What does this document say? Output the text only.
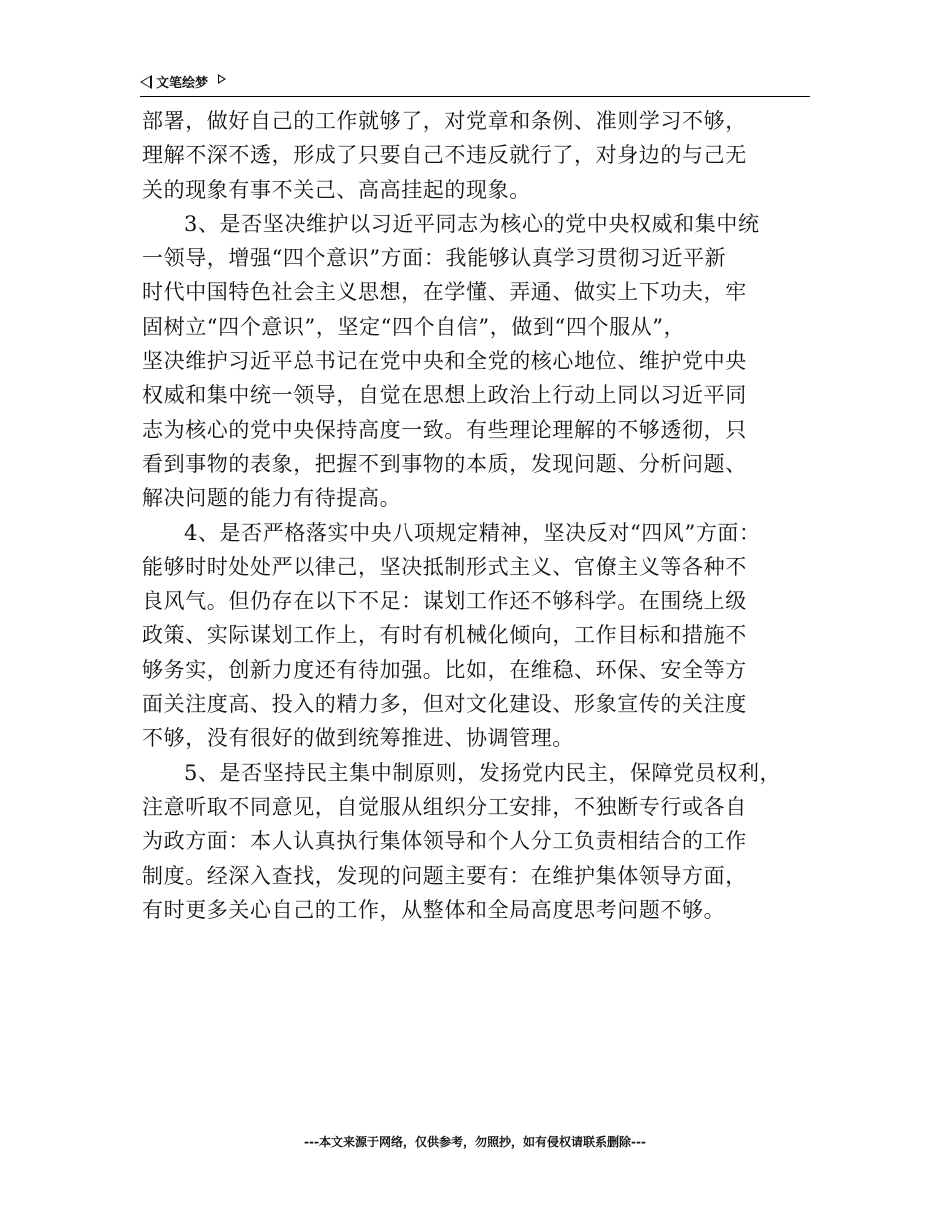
文笔绘梦
部署，做好自己的工作就够了，对党章和条例、准则学习不够，
理解不深不透，形成了只要自己不违反就行了，对身边的与己无
关的现象有事不关己、高高挂起的现象。
3、是否坚决维护以习近平同志为核心的党中央权威和集中统
一领导，增强“四个意识”方面：我能够认真学习贯彻习近平新
时代中国特色社会主义思想，在学懂、弄通、做实上下功夫，牢
固树立“四个意识”，坚定“四个自信”，做到“四个服从”，
坚决维护习近平总书记在党中央和全党的核心地位、维护党中央
权威和集中统一领导，自觉在思想上政治上行动上同以习近平同
志为核心的党中央保持高度一致。有些理论理解的不够透彻，只
看到事物的表象，把握不到事物的本质，发现问题、分析问题、
解决问题的能力有待提高。
4、是否严格落实中央八项规定精神，坚决反对“四风”方面：
能够时时处处严以律己，坚决抵制形式主义、官僚主义等各种不
良风气。但仍存在以下不足：谋划工作还不够科学。在围绕上级
政策、实际谋划工作上，有时有机械化倾向，工作目标和措施不
够务实，创新力度还有待加强。比如，在维稳、环保、安全等方
面关注度高、投入的精力多，但对文化建设、形象宣传的关注度
不够，没有很好的做到统筹推进、协调管理。
5、是否坚持民主集中制原则，发扬党内民主，保障党员权利，
注意听取不同意见，自觉服从组织分工安排，不独断专行或各自
为政方面：本人认真执行集体领导和个人分工负责相结合的工作
制度。经深入查找，发现的问题主要有：在维护集体领导方面，
有时更多关心自己的工作，从整体和全局高度思考问题不够。
---本文来源于网络，仅供参考，勿照抄，如有侵权请联系删除---
